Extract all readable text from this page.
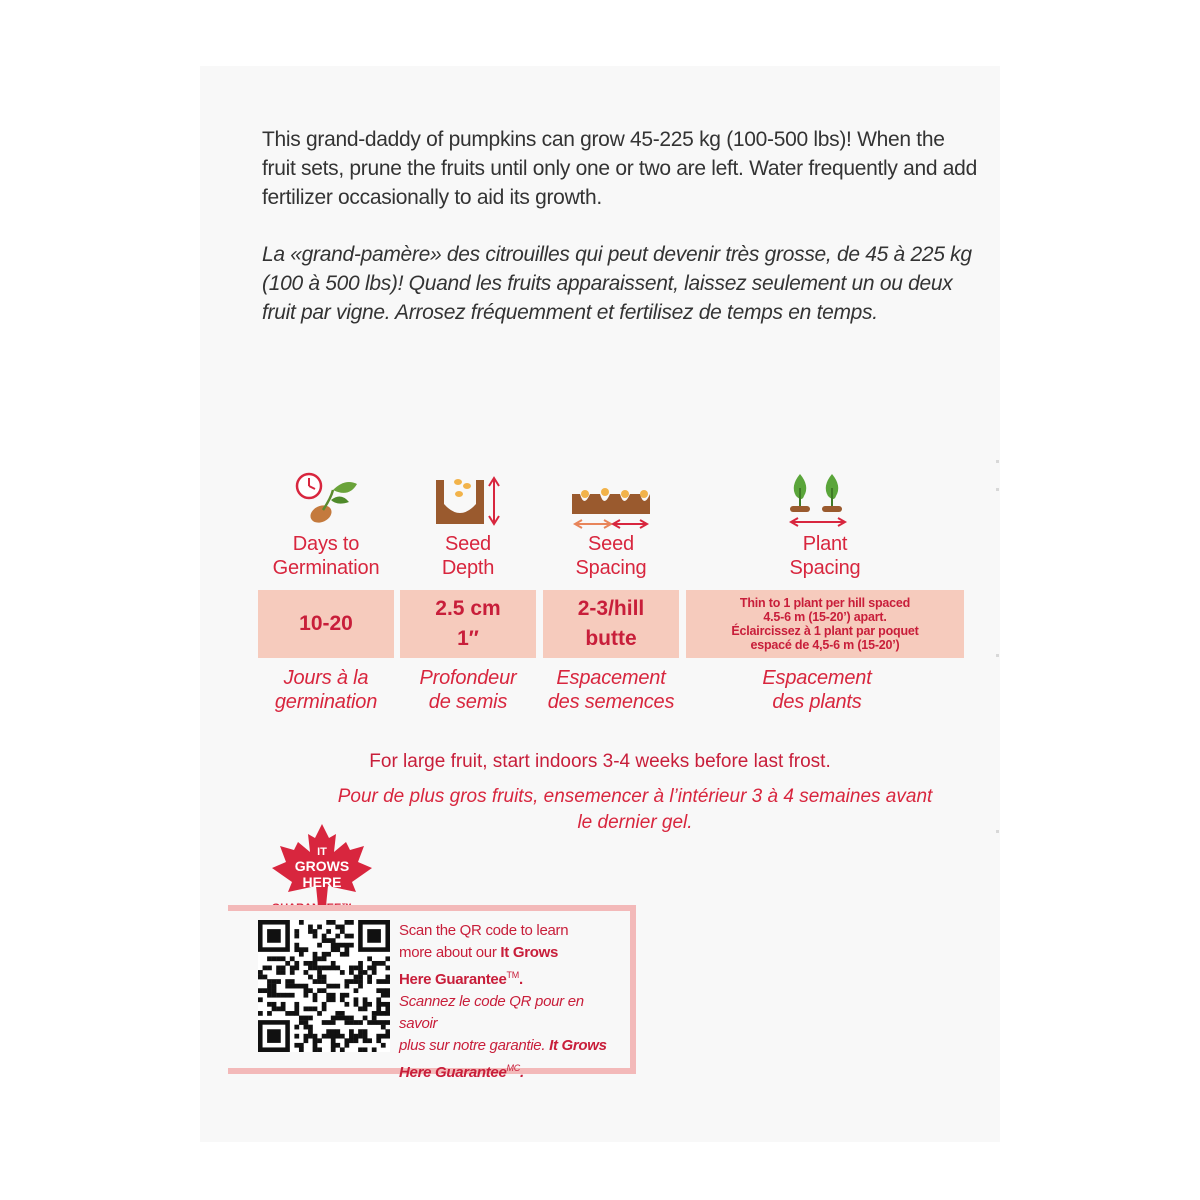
This grand-daddy of pumpkins can grow 45-225 kg (100-500 lbs)! When the fruit sets, prune the fruits until only one or two are left. Water frequently and add fertilizer occasionally to aid its growth.
La «grand-pamère» des citrouilles qui peut devenir très grosse, de 45 à 225 kg (100 à 500 lbs)! Quand les fruits apparaissent, laissez seulement un ou deux fruit par vigne. Arrosez fréquemment et fertilisez de temps en temps.
Days to
Germination
Seed
Depth
Seed
Spacing
Plant
Spacing
10-20
2.5 cm
1″
2-3/hill
butte
Thin to 1 plant per hill spaced
4.5-6 m (15-20’) apart.
Éclaircissez à 1 plant par poquet
espacé de 4,5-6 m (15-20’)
Jours à la
germination
Profondeur
de semis
Espacement
des semences
Espacement
des plants
For large fruit, start indoors 3-4 weeks before last frost.
Pour de plus gros fruits, ensemencer à l’intérieur 3 à 4 semaines avant
le dernier gel.
IT
GROWS
HERE
GUARANTEE™
Scan the QR code to learn
more about our It Grows
Here Guarantee™.
Scannez le code QR pour en savoir
plus sur notre garantie. It Grows
Here Guarantee$^{MC}$.
